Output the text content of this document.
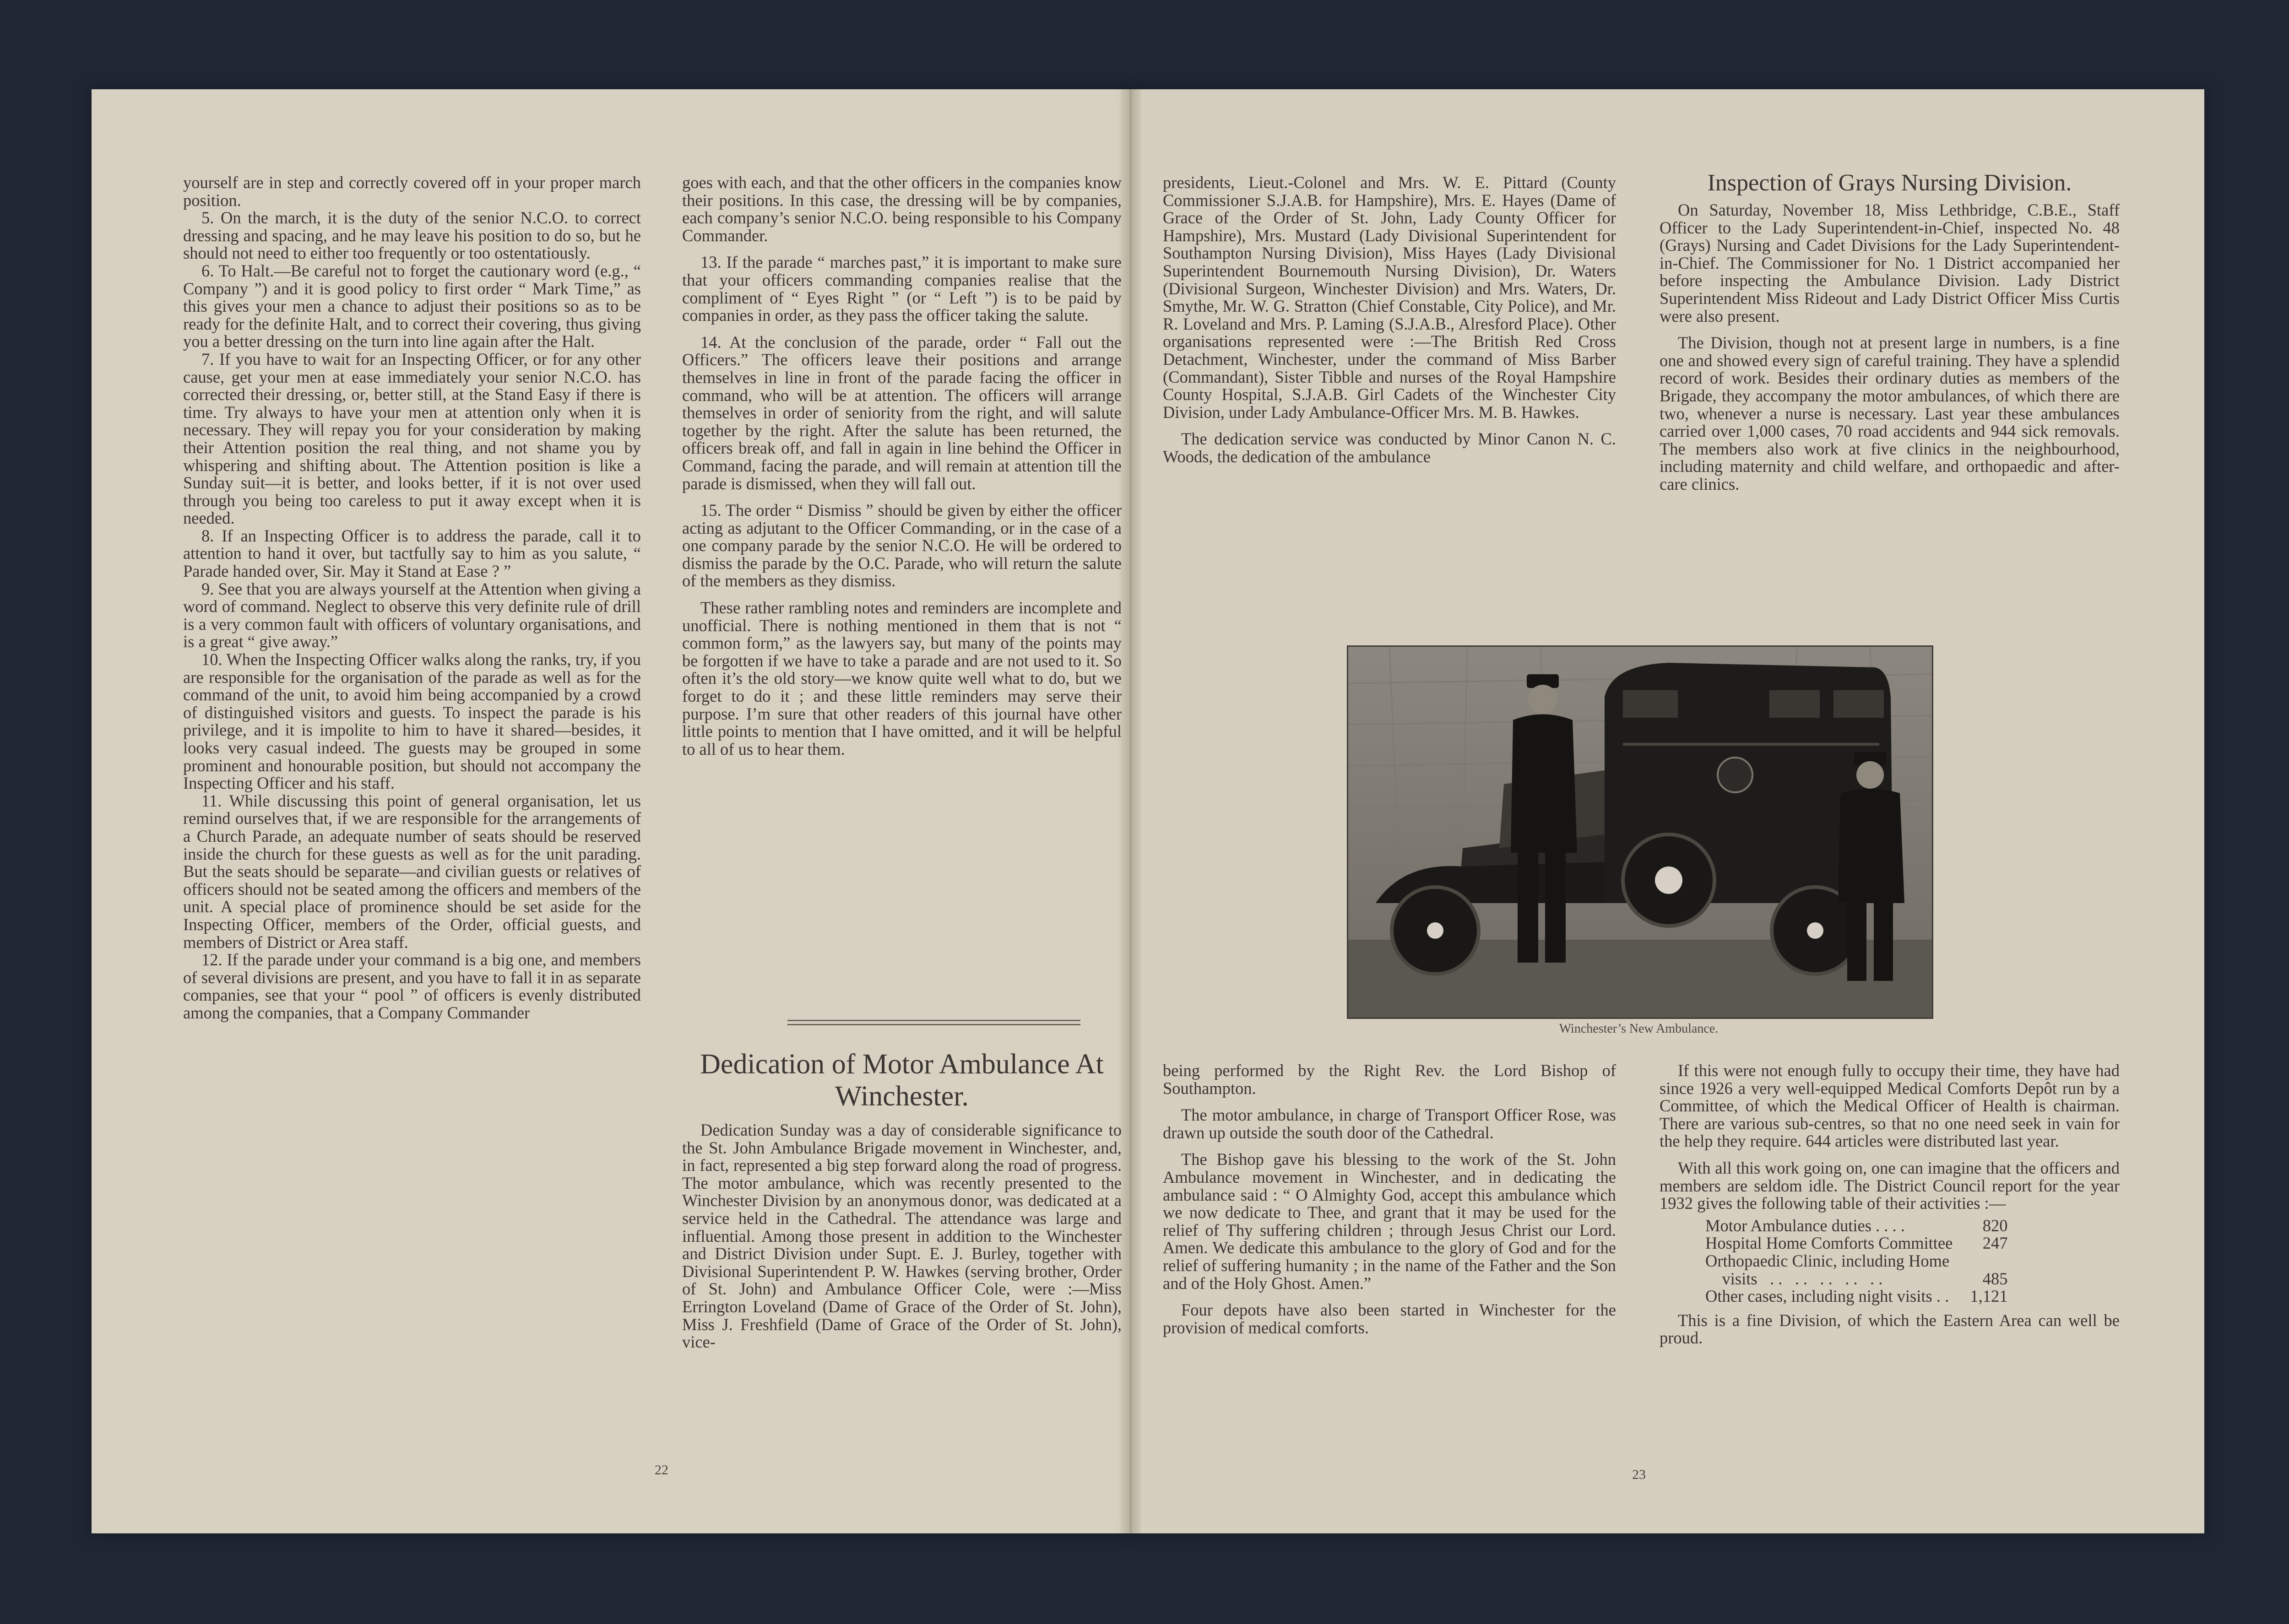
yourself are in step and correctly covered off in your proper march position.

5. On the march, it is the duty of the senior N.C.O. to correct dressing and spacing, and he may leave his position to do so, but he should not need to either too frequently or too ostentatiously.

6. To Halt.—Be careful not to forget the cautionary word (e.g., “ Company ”) and it is good policy to first order “ Mark Time,” as this gives your men a chance to adjust their positions so as to be ready for the definite Halt, and to correct their covering, thus giving you a better dressing on the turn into line again after the Halt.

7. If you have to wait for an Inspecting Officer, or for any other cause, get your men at ease immediately your senior N.C.O. has corrected their dressing, or, better still, at the Stand Easy if there is time. Try always to have your men at attention only when it is necessary. They will repay you for your consideration by making their Attention position the real thing, and not shame you by whispering and shifting about. The Attention position is like a Sunday suit—it is better, and looks better, if it is not over used through you being too careless to put it away except when it is needed.

8. If an Inspecting Officer is to address the parade, call it to attention to hand it over, but tactfully say to him as you salute, “ Parade handed over, Sir. May it Stand at Ease ? ”

9. See that you are always yourself at the Attention when giving a word of command. Neglect to observe this very definite rule of drill is a very common fault with officers of voluntary organisations, and is a great “ give away.”

10. When the Inspecting Officer walks along the ranks, try, if you are responsible for the organisation of the parade as well as for the command of the unit, to avoid him being accompanied by a crowd of distinguished visitors and guests. To inspect the parade is his privilege, and it is impolite to him to have it shared—besides, it looks very casual indeed. The guests may be grouped in some prominent and honourable position, but should not accompany the Inspecting Officer and his staff.

11. While discussing this point of general organisation, let us remind ourselves that, if we are responsible for the arrangements of a Church Parade, an adequate number of seats should be reserved inside the church for these guests as well as for the unit parading. But the seats should be separate—and civilian guests or relatives of officers should not be seated among the officers and members of the unit. A special place of prominence should be set aside for the Inspecting Officer, members of the Order, official guests, and members of District or Area staff.

12. If the parade under your command is a big one, and members of several divisions are present, and you have to fall it in as separate companies, see that your “ pool ” of officers is evenly distributed among the companies, that a Company Commander

goes with each, and that the other officers in the companies know their positions. In this case, the dressing will be by companies, each company’s senior N.C.O. being responsible to his Company Commander.

13. If the parade “ marches past,” it is important to make sure that your officers commanding companies realise that the compliment of “ Eyes Right ” (or “ Left ”) is to be paid by companies in order, as they pass the officer taking the salute.

14. At the conclusion of the parade, order “ Fall out the Officers.” The officers leave their positions and arrange themselves in line in front of the parade facing the officer in command, who will be at attention. The officers will arrange themselves in order of seniority from the right, and will salute together by the right. After the salute has been returned, the officers break off, and fall in again in line behind the Officer in Command, facing the parade, and will remain at attention till the parade is dismissed, when they will fall out.

15. The order “ Dismiss ” should be given by either the officer acting as adjutant to the Officer Commanding, or in the case of a one company parade by the senior N.C.O. He will be ordered to dismiss the parade by the O.C. Parade, who will return the salute of the members as they dismiss.

These rather rambling notes and reminders are incomplete and unofficial. There is nothing mentioned in them that is not “ common form,” as the lawyers say, but many of the points may be forgotten if we have to take a parade and are not used to it. So often it’s the old story—we know quite well what to do, but we forget to do it ; and these little reminders may serve their purpose. I’m sure that other readers of this journal have other little points to mention that I have omitted, and it will be helpful to all of us to hear them.

Dedication of Motor Ambulance At Winchester.

Dedication Sunday was a day of considerable significance to the St. John Ambulance Brigade movement in Winchester, and, in fact, represented a big step forward along the road of progress. The motor ambulance, which was recently presented to the Winchester Division by an anonymous donor, was dedicated at a service held in the Cathedral. The attendance was large and influential. Among those present in addition to the Winchester and District Division under Supt. E. J. Burley, together with Divisional Superintendent P. W. Hawkes (serving brother, Order of St. John) and Ambulance Officer Cole, were :—Miss Errington Loveland (Dame of Grace of the Order of St. John), Miss J. Freshfield (Dame of Grace of the Order of St. John), vice-

22

presidents, Lieut.-Colonel and Mrs. W. E. Pittard (County Commissioner S.J.A.B. for Hampshire), Mrs. E. Hayes (Dame of Grace of the Order of St. John, Lady County Officer for Hampshire), Mrs. Mustard (Lady Divisional Superintendent for Southampton Nursing Division), Miss Hayes (Lady Divisional Superintendent Bournemouth Nursing Division), Dr. Waters (Divisional Surgeon, Winchester Division) and Mrs. Waters, Dr. Smythe, Mr. W. G. Stratton (Chief Constable, City Police), and Mr. R. Loveland and Mrs. P. Laming (S.J.A.B., Alresford Place). Other organisations represented were :—The British Red Cross Detachment, Winchester, under the command of Miss Barber (Commandant), Sister Tibble and nurses of the Royal Hampshire County Hospital, S.J.A.B. Girl Cadets of the Winchester City Division, under Lady Ambulance-Officer Mrs. M. B. Hawkes.

The dedication service was conducted by Minor Canon N. C. Woods, the dedication of the ambulance

Inspection of Grays Nursing Division.

On Saturday, November 18, Miss Lethbridge, C.B.E., Staff Officer to the Lady Superintendent-in-Chief, inspected No. 48 (Grays) Nursing and Cadet Divisions for the Lady Superintendent-in-Chief. The Commissioner for No. 1 District accompanied her before inspecting the Ambulance Division. Lady District Superintendent Miss Rideout and Lady District Officer Miss Curtis were also present.

The Division, though not at present large in numbers, is a fine one and showed every sign of careful training. They have a splendid record of work. Besides their ordinary duties as members of the Brigade, they accompany the motor ambulances, of which there are two, whenever a nurse is necessary. Last year these ambulances carried over 1,000 cases, 70 road accidents and 944 sick removals. The members also work at five clinics in the neighbourhood, including maternity and child welfare, and orthopaedic and after-care clinics.

Winchester’s New Ambulance.

being performed by the Right Rev. the Lord Bishop of Southampton.

The motor ambulance, in charge of Transport Officer Rose, was drawn up outside the south door of the Cathedral.

The Bishop gave his blessing to the work of the St. John Ambulance movement in Winchester, and in dedicating the ambulance said : “ O Almighty God, accept this ambulance which we now dedicate to Thee, and grant that it may be used for the relief of Thy suffering children ; through Jesus Christ our Lord. Amen. We dedicate this ambulance to the glory of God and for the relief of suffering humanity ; in the name of the Father and the Son and of the Holy Ghost. Amen.”

Four depots have also been started in Winchester for the provision of medical comforts.

If this were not enough fully to occupy their time, they have had since 1926 a very well-equipped Medical Comforts Depôt run by a Committee, of which the Medical Officer of Health is chairman. There are various sub-centres, so that no one need seek in vain for the help they require. 644 articles were distributed last year.

With all this work going on, one can imagine that the officers and members are seldom idle. The District Council report for the year 1932 gives the following table of their activities :—

Motor Ambulance duties . . . .	820
Hospital Home Comforts Committee	247
Orthopaedic Clinic, including Home	
visits   . .   . .   . .   . .   . .	485
Other cases, including night visits . .	1,121

This is a fine Division, of which the Eastern Area can well be proud.

23
